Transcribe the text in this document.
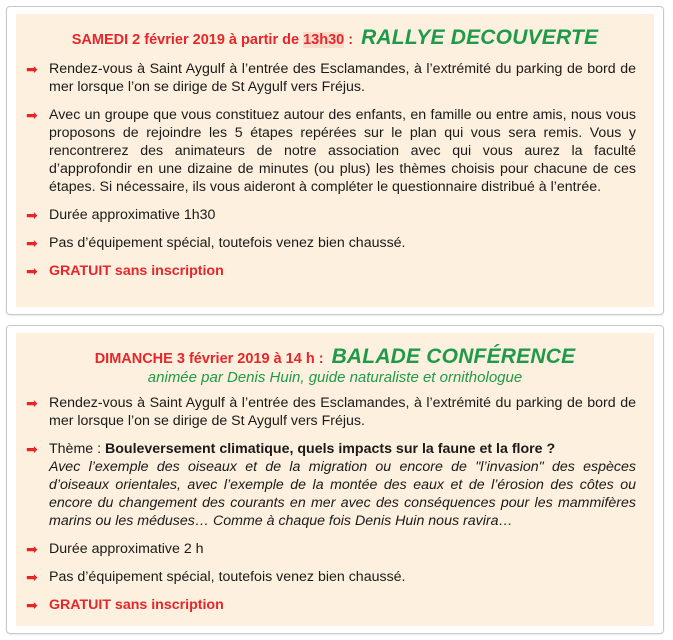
SAMEDI 2 février 2019 à partir de 13h30 : RALLYE DECOUVERTE
➡ Rendez-vous à Saint Aygulf à l’entrée des Esclamandes, à l’extrémité du parking de bord de mer lorsque l’on se dirige de St Aygulf vers Fréjus.
➡ Avec un groupe que vous constituez autour des enfants, en famille ou entre amis, nous vous proposons de rejoindre les 5 étapes repérées sur le plan qui vous sera remis. Vous y rencontrerez des animateurs de notre association avec qui vous aurez la faculté d’approfondir en une dizaine de minutes (ou plus) les thèmes choisis pour chacune de ces étapes. Si nécessaire, ils vous aideront à compléter le questionnaire distribué à l’entrée.
➡ Durée approximative 1h30
➡ Pas d’équipement spécial, toutefois venez bien chaussé.
➡ GRATUIT sans inscription
DIMANCHE 3 février 2019 à 14 h : BALADE CONFÉRENCE
animée par Denis Huin, guide naturaliste et ornithologue
➡ Rendez-vous à Saint Aygulf à l’entrée des Esclamandes, à l’extrémité du parking de bord de mer lorsque l’on se dirige de St Aygulf vers Fréjus.
➡ Thème : Bouleversement climatique, quels impacts sur la faune et la flore ?
Avec l’exemple des oiseaux et de la migration ou encore de "l’invasion" des espèces d’oiseaux orientales, avec l’exemple de la montée des eaux et de l’érosion des côtes ou encore du changement des courants en mer avec des conséquences pour les mammifères marins ou les méduses… Comme à chaque fois Denis Huin nous ravira…
➡ Durée approximative 2 h
➡ Pas d’équipement spécial, toutefois venez bien chaussé.
➡ GRATUIT sans inscription
